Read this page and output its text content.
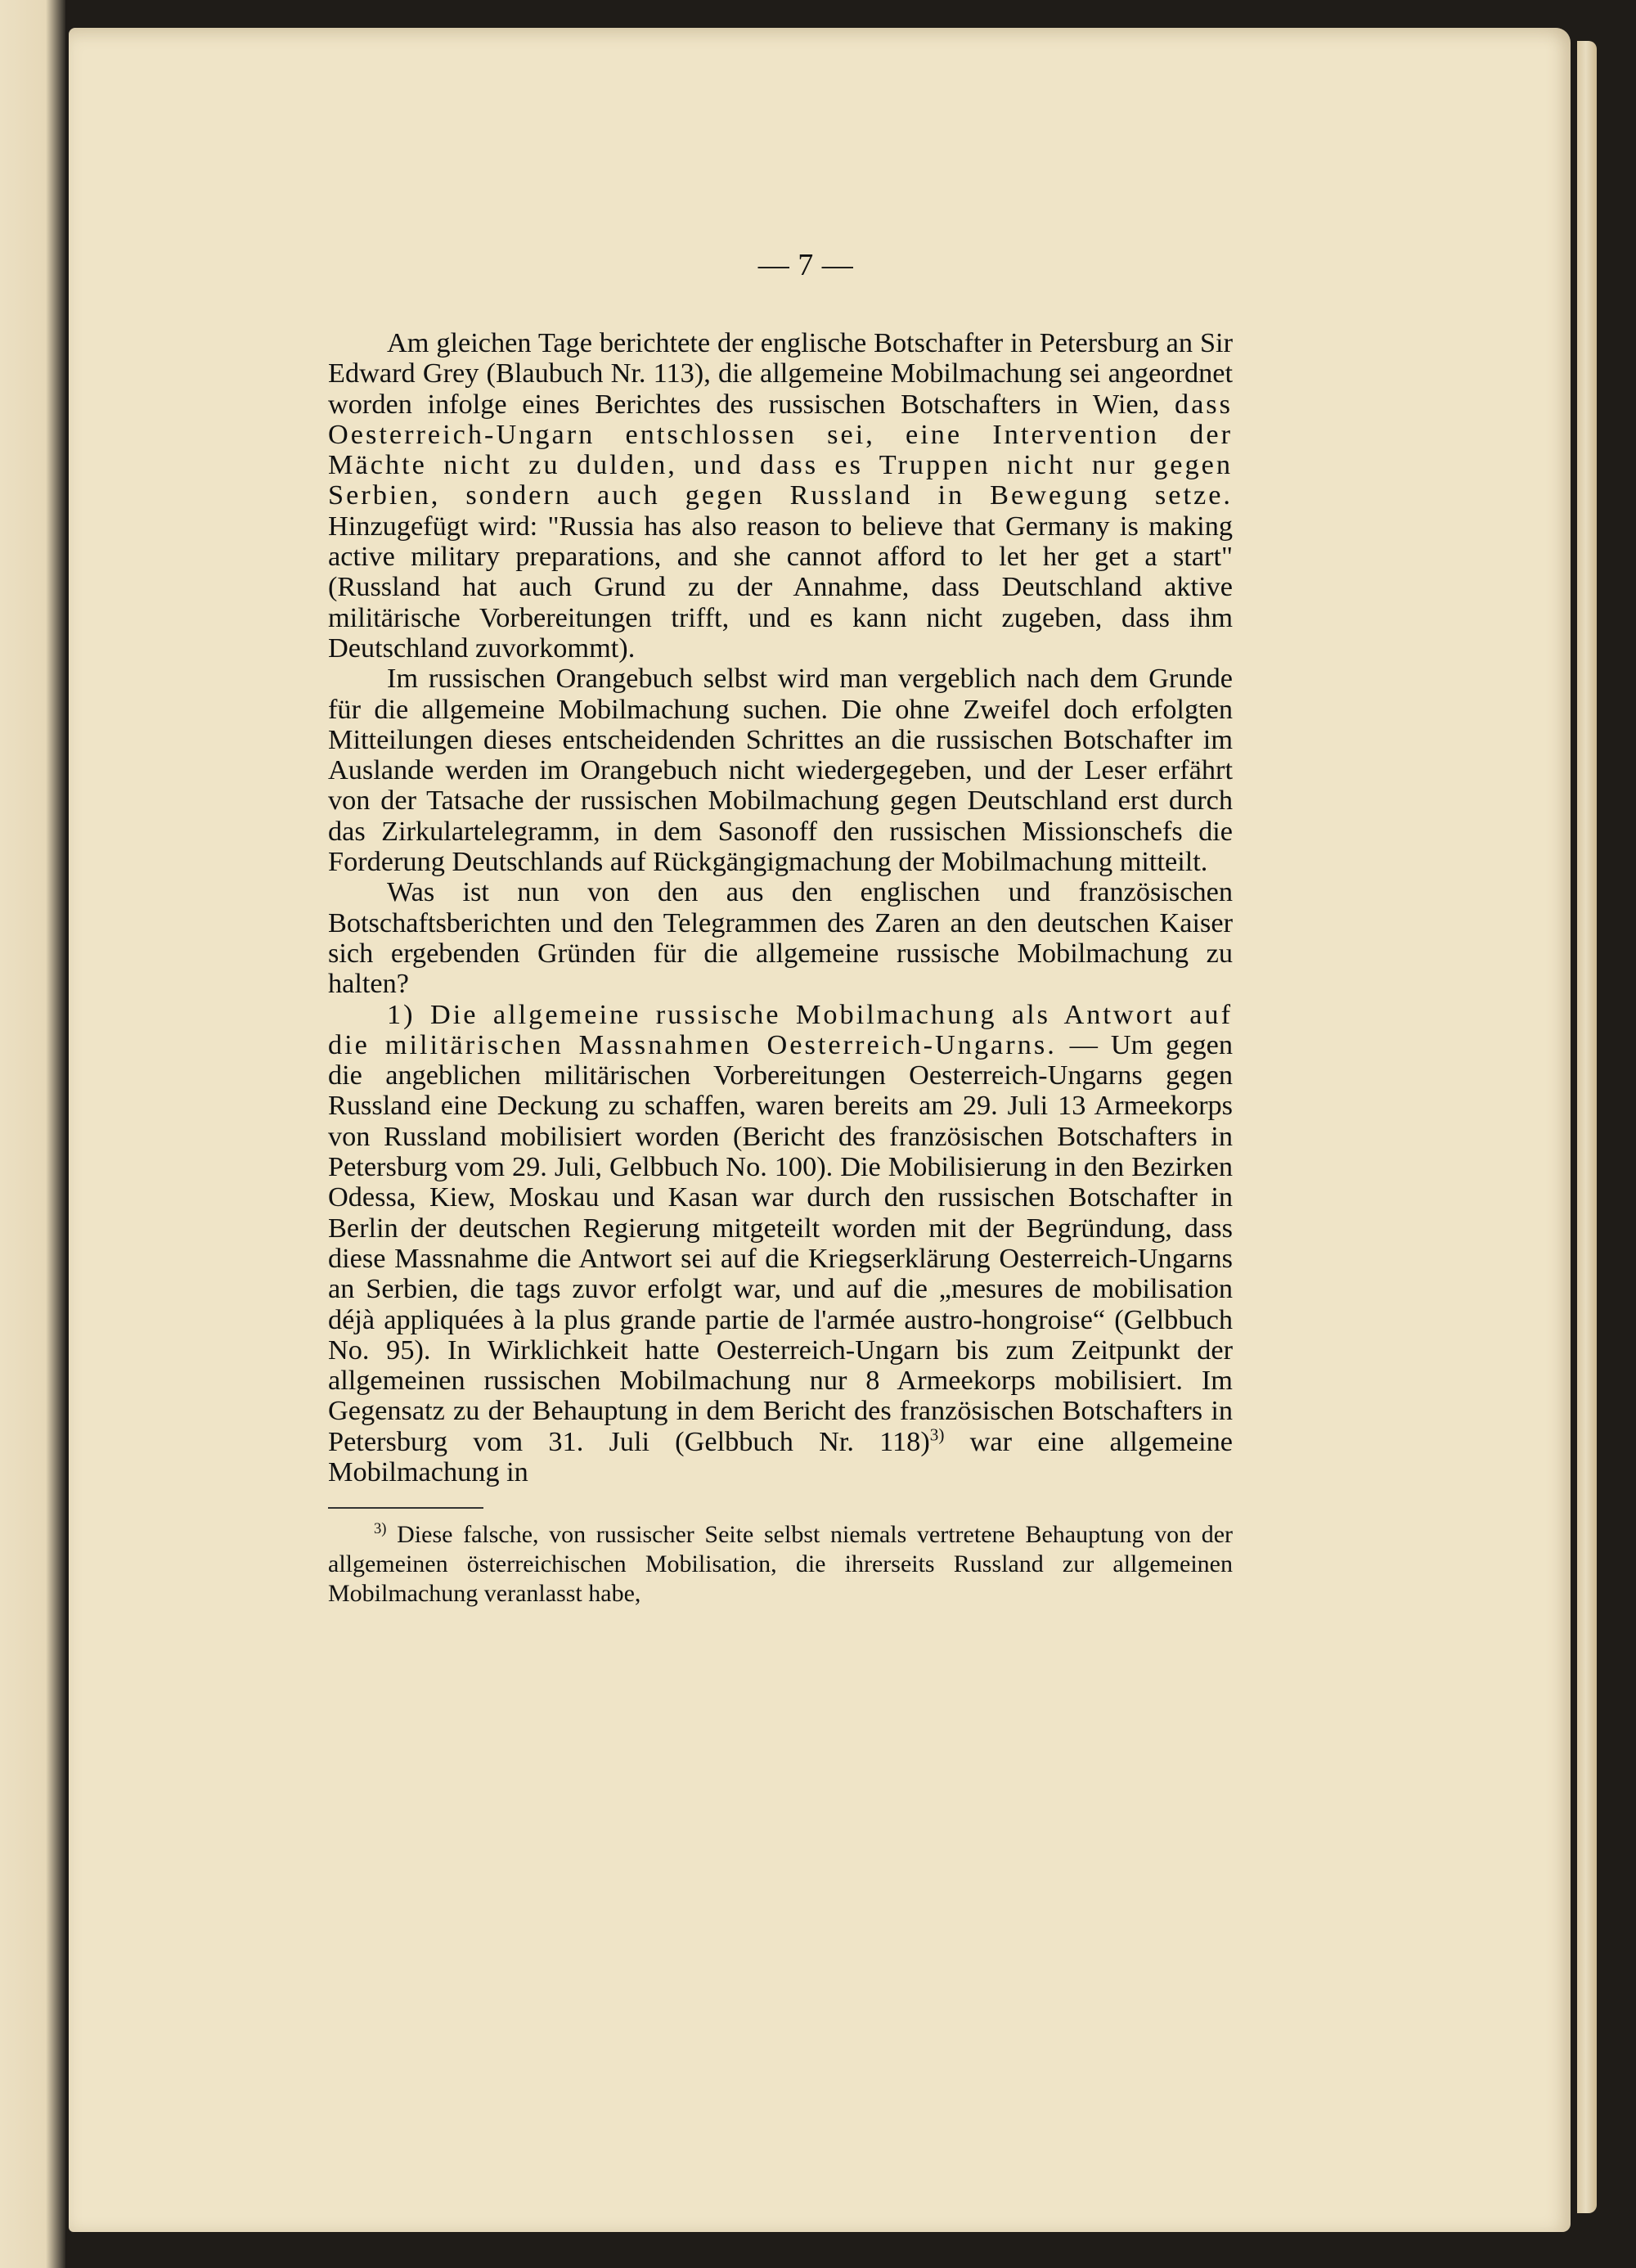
— 7 —

Am gleichen Tage berichtete der englische Botschafter in Petersburg an Sir Edward Grey (Blaubuch Nr. 113), die allgemeine Mobilmachung sei angeordnet worden infolge eines Berichtes des russischen Botschafters in Wien, dass Oesterreich-Ungarn entschlossen sei, eine Intervention der Mächte nicht zu dulden, und dass es Truppen nicht nur gegen Serbien, sondern auch gegen Russland in Bewegung setze. Hinzugefügt wird: "Russia has also reason to believe that Germany is making active military preparations, and she cannot afford to let her get a start" (Russland hat auch Grund zu der Annahme, dass Deutschland aktive militärische Vorbereitungen trifft, und es kann nicht zugeben, dass ihm Deutschland zuvorkommt).

Im russischen Orangebuch selbst wird man vergeblich nach dem Grunde für die allgemeine Mobilmachung suchen. Die ohne Zweifel doch erfolgten Mitteilungen dieses entscheidenden Schrittes an die russischen Botschafter im Auslande werden im Orangebuch nicht wiedergegeben, und der Leser erfährt von der Tatsache der russischen Mobilmachung gegen Deutschland erst durch das Zirkulartelegramm, in dem Sasonoff den russischen Missionschefs die Forderung Deutschlands auf Rückgängigmachung der Mobilmachung mitteilt.

Was ist nun von den aus den englischen und französischen Botschaftsberichten und den Telegrammen des Zaren an den deutschen Kaiser sich ergebenden Gründen für die allgemeine russische Mobilmachung zu halten?

1) Die allgemeine russische Mobilmachung als Antwort auf die militärischen Massnahmen Oesterreich-Ungarns. — Um gegen die angeblichen militärischen Vorbereitungen Oesterreich-Ungarns gegen Russland eine Deckung zu schaffen, waren bereits am 29. Juli 13 Armeekorps von Russland mobilisiert worden (Bericht des französischen Botschafters in Petersburg vom 29. Juli, Gelbbuch No. 100). Die Mobilisierung in den Bezirken Odessa, Kiew, Moskau und Kasan war durch den russischen Botschafter in Berlin der deutschen Regierung mitgeteilt worden mit der Begründung, dass diese Massnahme die Antwort sei auf die Kriegserklärung Oesterreich-Ungarns an Serbien, die tags zuvor erfolgt war, und auf die „mesures de mobilisation déjà appliquées à la plus grande partie de l'armée austro-hongroise“ (Gelbbuch No. 95). In Wirklichkeit hatte Oesterreich-Ungarn bis zum Zeitpunkt der allgemeinen russischen Mobilmachung nur 8 Armeekorps mobilisiert. Im Gegensatz zu der Behauptung in dem Bericht des französischen Botschafters in Petersburg vom 31. Juli (Gelbbuch Nr. 118)$^{3)}$ war eine allgemeine Mobilmachung in

$^{3)}$ Diese falsche, von russischer Seite selbst niemals vertretene Behauptung von der allgemeinen österreichischen Mobilisation, die ihrerseits Russland zur allgemeinen Mobilmachung veranlasst habe,
